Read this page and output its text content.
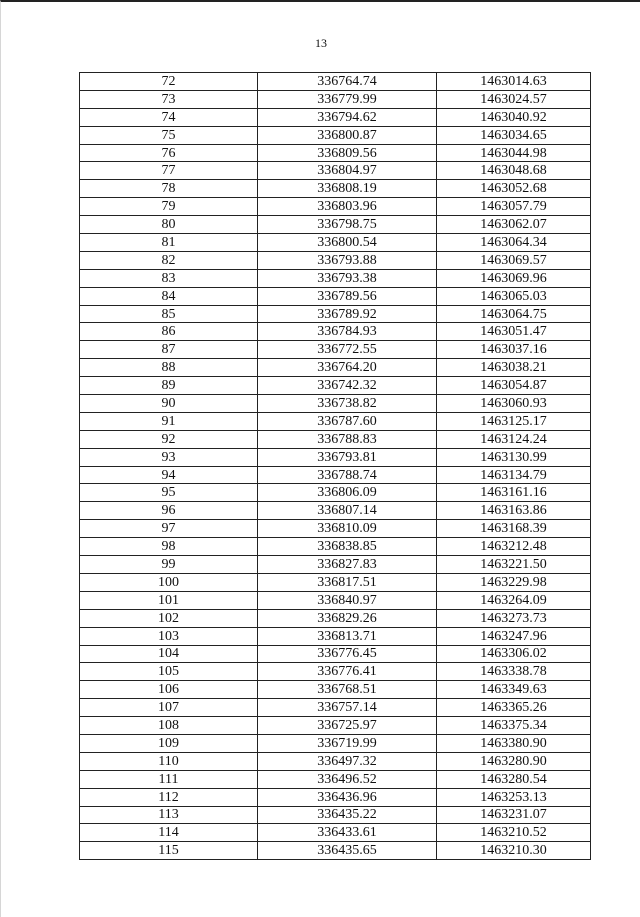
13
72	336764.74	1463014.63
73	336779.99	1463024.57
74	336794.62	1463040.92
75	336800.87	1463034.65
76	336809.56	1463044.98
77	336804.97	1463048.68
78	336808.19	1463052.68
79	336803.96	1463057.79
80	336798.75	1463062.07
81	336800.54	1463064.34
82	336793.88	1463069.57
83	336793.38	1463069.96
84	336789.56	1463065.03
85	336789.92	1463064.75
86	336784.93	1463051.47
87	336772.55	1463037.16
88	336764.20	1463038.21
89	336742.32	1463054.87
90	336738.82	1463060.93
91	336787.60	1463125.17
92	336788.83	1463124.24
93	336793.81	1463130.99
94	336788.74	1463134.79
95	336806.09	1463161.16
96	336807.14	1463163.86
97	336810.09	1463168.39
98	336838.85	1463212.48
99	336827.83	1463221.50
100	336817.51	1463229.98
101	336840.97	1463264.09
102	336829.26	1463273.73
103	336813.71	1463247.96
104	336776.45	1463306.02
105	336776.41	1463338.78
106	336768.51	1463349.63
107	336757.14	1463365.26
108	336725.97	1463375.34
109	336719.99	1463380.90
110	336497.32	1463280.90
111	336496.52	1463280.54
112	336436.96	1463253.13
113	336435.22	1463231.07
114	336433.61	1463210.52
115	336435.65	1463210.30
